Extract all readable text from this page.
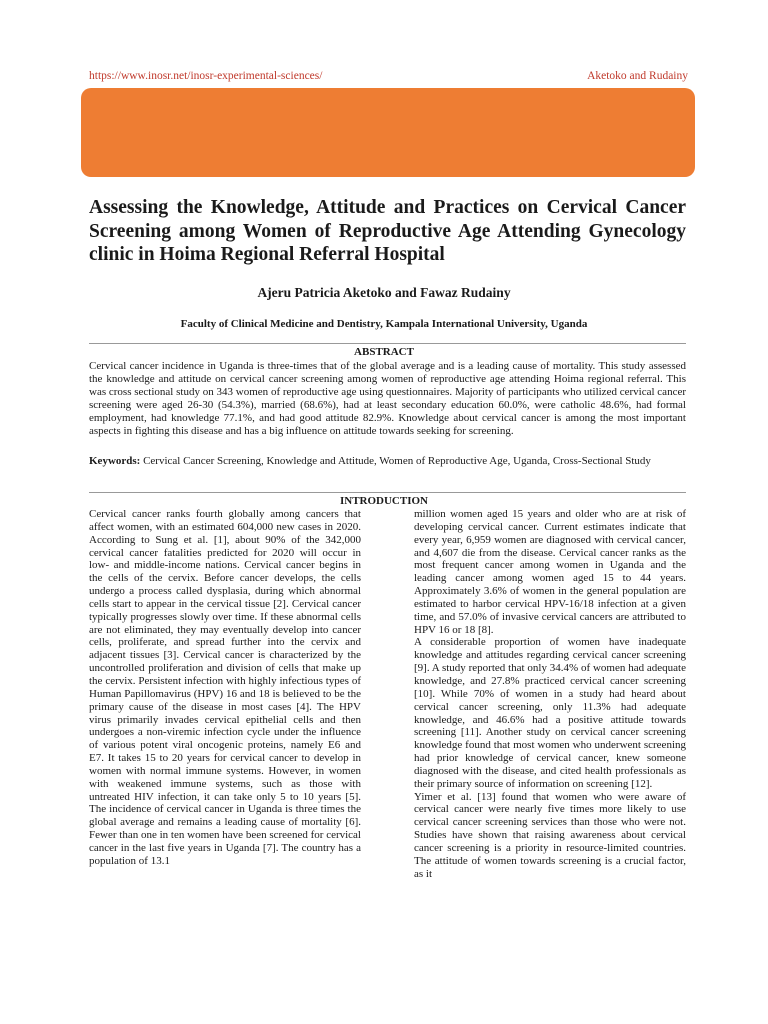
https://www.inosr.net/inosr-experimental-sciences/	Aketoko and Rudainy
Assessing the Knowledge, Attitude and Practices on Cervical Cancer Screening among Women of Reproductive Age Attending Gynecology clinic in Hoima Regional Referral Hospital
Ajeru Patricia Aketoko and Fawaz Rudainy
Faculty of Clinical Medicine and Dentistry, Kampala International University, Uganda
ABSTRACT

Cervical cancer incidence in Uganda is three-times that of the global average and is a leading cause of mortality. This study assessed the knowledge and attitude on cervical cancer screening among women of reproductive age attending Hoima regional referral. This was cross sectional study on 343 women of reproductive age using questionnaires. Majority of participants who utilized cervical cancer screening were aged 26-30 (54.3%), married (68.6%), had at least secondary education 60.0%, were catholic 48.6%, had formal employment, had knowledge 77.1%, and had good attitude 82.9%. Knowledge about cervical cancer is among the most important aspects in fighting this disease and has a big influence on attitude towards seeking for screening.

Keywords: Cervical Cancer Screening, Knowledge and Attitude, Women of Reproductive Age, Uganda, Cross-Sectional Study

INTRODUCTION

Cervical cancer ranks fourth globally among cancers that affect women, with an estimated 604,000 new cases in 2020. According to Sung et al. [1], about 90% of the 342,000 cervical cancer fatalities predicted for 2020 will occur in low- and middle-income nations. Cervical cancer begins in the cells of the cervix. Before cancer develops, the cells undergo a process called dysplasia, during which abnormal cells start to appear in the cervical tissue [2]. Cervical cancer typically progresses slowly over time. If these abnormal cells are not eliminated, they may eventually develop into cancer cells, proliferate, and spread further into the cervix and adjacent tissues [3]. Cervical cancer is characterized by the uncontrolled proliferation and division of cells that make up the cervix. Persistent infection with highly infectious types of Human Papillomavirus (HPV) 16 and 18 is believed to be the primary cause of the disease in most cases [4]. The HPV virus primarily invades cervical epithelial cells and then undergoes a non-viremic infection cycle under the influence of various potent viral oncogenic proteins, namely E6 and E7. It takes 15 to 20 years for cervical cancer to develop in women with normal immune systems. However, in women with weakened immune systems, such as those with untreated HIV infection, it can take only 5 to 10 years [5]. The incidence of cervical cancer in Uganda is three times the global average and remains a leading cause of mortality [6]. Fewer than one in ten women have been screened for cervical cancer in the last five years in Uganda [7]. The country has a population of 13.1

million women aged 15 years and older who are at risk of developing cervical cancer. Current estimates indicate that every year, 6,959 women are diagnosed with cervical cancer, and 4,607 die from the disease. Cervical cancer ranks as the most frequent cancer among women in Uganda and the leading cancer among women aged 15 to 44 years. Approximately 3.6% of women in the general population are estimated to harbor cervical HPV-16/18 infection at a given time, and 57.0% of invasive cervical cancers are attributed to HPV 16 or 18 [8].

A considerable proportion of women have inadequate knowledge and attitudes regarding cervical cancer screening [9]. A study reported that only 34.4% of women had adequate knowledge, and 27.8% practiced cervical cancer screening [10]. While 70% of women in a study had heard about cervical cancer screening, only 11.3% had adequate knowledge, and 46.6% had a positive attitude towards screening [11]. Another study on cervical cancer screening knowledge found that most women who underwent screening had prior knowledge of cervical cancer, knew someone diagnosed with the disease, and cited health professionals as their primary source of information on screening [12].

Yimer et al. [13] found that women who were aware of cervical cancer were nearly five times more likely to use cervical cancer screening services than those who were not. Studies have shown that raising awareness about cervical cancer screening is a priority in resource-limited countries. The attitude of women towards screening is a crucial factor, as it
